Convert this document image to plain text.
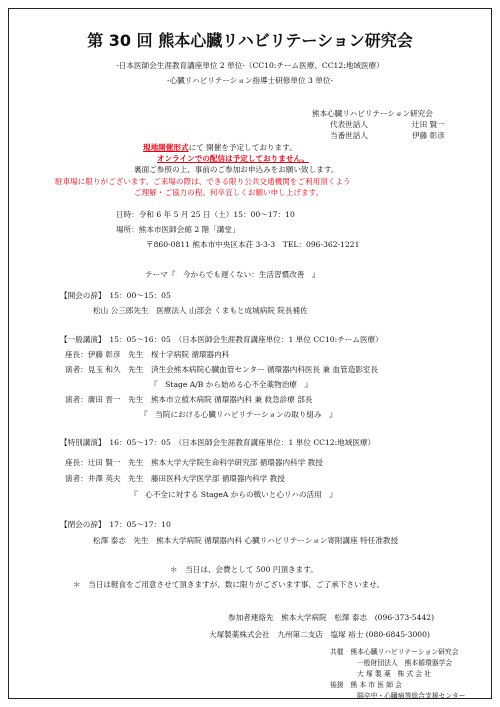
第 30 回 熊本心臓リハビリテーション研究会
-日本医師会生涯教育講座単位 2 単位-（CC10:チーム医療、CC12:地域医療）
-心臓リハビリテーション指導士研修単位 3 単位-
熊本心臓リハビリテーション研究会
代表世話人	辻田 賢一
当番世話人	伊藤 彰彦
現地開催形式にて 開催を予定しております。
オンラインでの配信は予定しておりません。
裏面ご参照の上、事前のご参加お申込みをお願い致します。
駐車場に限りがございます。ご来場の際は、できる限り公共交通機関をご利用頂くよう
ご理解・ご協力の程、何卒宜しくお願い申し上げます。
日時：令和 6 年 5 月 25 日（土）15：00～17：10
場所：熊本市医師会館 2 階「講堂」
〒860-0811 熊本市中央区本荘 3-3-3　TEL：096-362-1221
テーマ『　今からでも遅くない：生活習慣改善　』
【開会の辞】　15：00～15：05
松山 公三郎先生　医療法人 山部会 くまもと成城病院 院長補佐
【一般講演】　15：05～16：05　（日本医師会生涯教育講座単位：1 単位 CC10:チーム医療）
座長：伊藤 彰彦　先生　桜十字病院 循環器内科
演者：見玉 和久　先生　済生会熊本病院心臓血管センター 循環器内科医長 兼 血管造影室長
『　Stage A/B から始める心不全薬物治療　』
演者：廣田 晋一　先生　熊本市立植木病院 循環器内科 兼 救急診療 部長
『　当院における心臓リハビリテーションの取り組み　』
【特別講演】　16：05～17：05　（日本医師会生涯教育講座単位：1 単位 CC12:地域医療）
座長：辻田 賢一　先生　熊本大学大学院生命科学研究部 循環器内科学 教授
演者：井澤 英夫　先生　藤田医科大学医学部 循環器内科学 教授
『　心不全に対する StageA からの戦いと心リハの活用　』
【閉会の辞】　17：05～17：10
松澤 泰志　先生　熊本大学病院 循環器内科 心臓リハビリテーション寄附講座 特任准教授
＊　当日は、会費として 500 円頂きます。
＊　当日は軽食をご用意させて頂きますが、数に限りがございます事、ご了承下さいませ。
参加者連絡先　熊本大学病院　松澤 泰志　(096-373-5442)
大塚製薬株式会社　九州第二支店　塩塚 裕士 (080-6845-3000)
共催　熊本心臓リハビリテーション研究会
一般財団法人　熊本循環器学会
大 塚 製 薬　株 式 会 社
後援　熊 本 市 医 師 会
脳卒中・心臓病等総合支援センター
